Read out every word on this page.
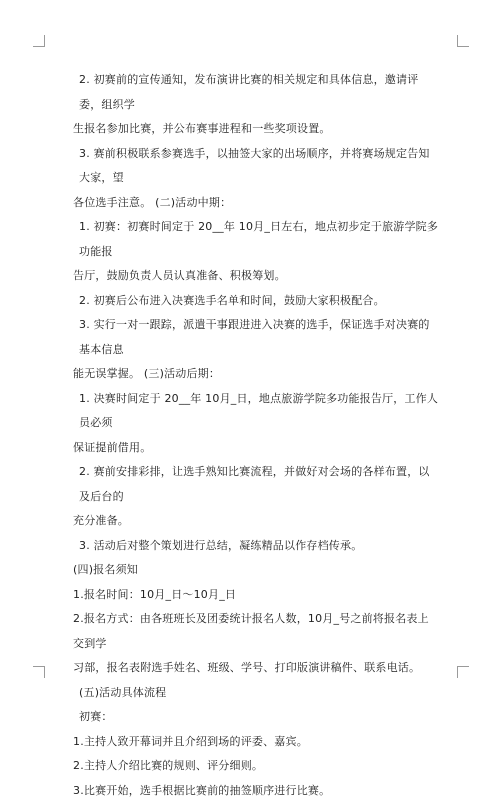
2. 初赛前的宣传通知，发布演讲比赛的相关规定和具体信息，邀请评委，组织学

生报名参加比赛，并公布赛事进程和一些奖项设置。

3. 赛前积极联系参赛选手，以抽签大家的出场顺序，并将赛场规定告知大家，望

各位选手注意。 (二)活动中期：

1. 初赛：初赛时间定于 20__年 10月_日左右，地点初步定于旅游学院多功能报

告厅，鼓励负责人员认真准备、积极筹划。

2. 初赛后公布进入决赛选手名单和时间，鼓励大家积极配合。

3. 实行一对一跟踪，派遣干事跟进进入决赛的选手，保证选手对决赛的基本信息

能无误掌握。 (三)活动后期：

1. 决赛时间定于 20__年 10月_日，地点旅游学院多功能报告厅，工作人员必须

保证提前借用。

2. 赛前安排彩排，让选手熟知比赛流程，并做好对会场的各样布置，以及后台的

充分准备。

3. 活动后对整个策划进行总结，凝练精品以作存档传承。

(四)报名须知

1.报名时间：10月_日～10月_日

2.报名方式：由各班班长及团委统计报名人数，10月_号之前将报名表上交到学

习部，报名表附选手姓名、班级、学号、打印版演讲稿件、联系电话。

(五)活动具体流程

初赛：

1.主持人致开幕词并且介绍到场的评委、嘉宾。

2.主持人介绍比赛的规则、评分细则。

3.比赛开始，选手根据比赛前的抽签顺序进行比赛。
